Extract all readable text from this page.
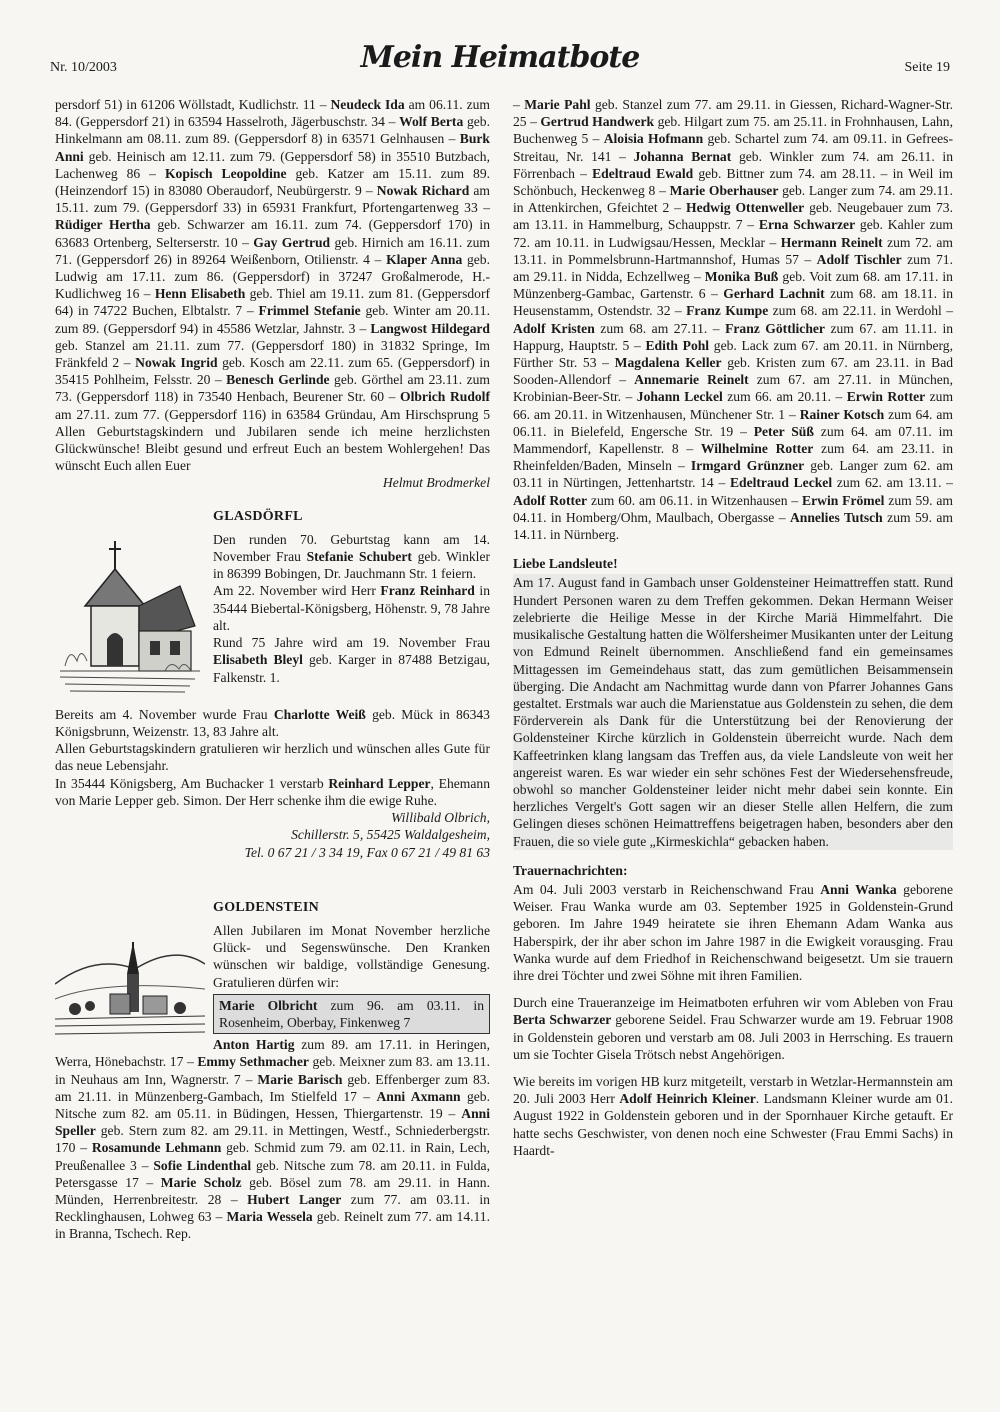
Nr. 10/2003	Mein Heimatbote	Seite 19

persdorf 51) in 61206 Wöllstadt, Kudlichstr. 11 – Neudeck Ida am 06.11. zum 84. (Geppersdorf 21) in 63594 Hasselroth, Jägerbuschstr. 34 – Wolf Berta geb. Hinkelmann am 08.11. zum 89. (Geppersdorf 8) in 63571 Gelnhausen – Burk Anni geb. Heinisch am 12.11. zum 79. (Geppersdorf 58) in 35510 Butzbach, Lachenweg 86 – Kopisch Leopoldine geb. Katzer am 15.11. zum 89. (Heinzendorf 15) in 83080 Oberaudorf, Neubürgerstr. 9 – Nowak Richard am 15.11. zum 79. (Geppersdorf 33) in 65931 Frankfurt, Pfortengartenweg 33 – Rüdiger Hertha geb. Schwarzer am 16.11. zum 74. (Geppersdorf 170) in 63683 Ortenberg, Selterserstr. 10 – Gay Gertrud geb. Hirnich am 16.11. zum 71. (Geppersdorf 26) in 89264 Weißenborn, Otilienstr. 4 – Klaper Anna geb. Ludwig am 17.11. zum 86. (Geppersdorf) in 37247 Großalmerode, H.-Kudlichweg 16 – Henn Elisabeth geb. Thiel am 19.11. zum 81. (Geppersdorf 64) in 74722 Buchen, Elbtalstr. 7 – Frimmel Stefanie geb. Winter am 20.11. zum 89. (Geppersdorf 94) in 45586 Wetzlar, Jahnstr. 3 – Langwost Hildegard geb. Stanzel am 21.11. zum 77. (Geppersdorf 180) in 31832 Springe, Im Fränkfeld 2 – Nowak Ingrid geb. Kosch am 22.11. zum 65. (Geppersdorf) in 35415 Pohlheim, Felsstr. 20 – Benesch Gerlinde geb. Görthel am 23.11. zum 73. (Geppersdorf 118) in 73540 Henbach, Beurener Str. 60 – Olbrich Rudolf am 27.11. zum 77. (Geppersdorf 116) in 63584 Gründau, Am Hirschsprung 5 Allen Geburtstagskindern und Jubilaren sende ich meine herzlichsten Glückwünsche! Bleibt gesund und erfreut Euch an bestem Wohlergehen! Das wünscht Euch allen Euer

Helmut Brodmerkel

GLASDÖRFL

Den runden 70. Geburtstag kann am 14. November Frau Stefanie Schubert geb. Winkler in 86399 Bobingen, Dr. Jauchmann Str. 1 feiern.

Am 22. November wird Herr Franz Reinhard in 35444 Biebertal-Königsberg, Höhenstr. 9, 78 Jahre alt.

Rund 75 Jahre wird am 19. November Frau Elisabeth Bleyl geb. Karger in 87488 Betzigau, Falkenstr. 1.

Bereits am 4. November wurde Frau Charlotte Weiß geb. Mück in 86343 Königsbrunn, Weizenstr. 13, 83 Jahre alt.

Allen Geburtstagskindern gratulieren wir herzlich und wünschen alles Gute für das neue Lebensjahr.

In 35444 Königsberg, Am Buchacker 1 verstarb Reinhard Lepper, Ehemann von Marie Lepper geb. Simon. Der Herr schenke ihm die ewige Ruhe.

Willibald Olbrich,

Schillerstr. 5, 55425 Waldalgesheim,

Tel. 0 67 21 / 3 34 19, Fax 0 67 21 / 49 81 63

GOLDENSTEIN

Allen Jubilaren im Monat November herzliche Glück- und Segenswünsche. Den Kranken wünschen wir baldige, vollständige Genesung. Gratulieren dürfen wir:

Marie Olbricht zum 96. am 03.11. in Rosenheim, Oberbay, Finkenweg 7

Anton Hartig zum 89. am 17.11. in Heringen, Werra, Hönebachstr. 17 – Emmy Sethmacher geb. Meixner zum 83. am 13.11. in Neuhaus am Inn, Wagnerstr. 7 – Marie Barisch geb. Effenberger zum 83. am 21.11. in Münzenberg-Gambach, Im Stielfeld 17 – Anni Axmann geb. Nitsche zum 82. am 05.11. in Büdingen, Hessen, Thiergartenstr. 19 – Anni Speller geb. Stern zum 82. am 29.11. in Mettingen, Westf., Schniederbergstr. 170 – Rosamunde Lehmann geb. Schmid zum 79. am 02.11. in Rain, Lech, Preußenallee 3 – Sofie Lindenthal geb. Nitsche zum 78. am 20.11. in Fulda, Petersgasse 17 – Marie Scholz geb. Bösel zum 78. am 29.11. in Hann. Münden, Herrenbreitestr. 28 – Hubert Langer zum 77. am 03.11. in Recklinghausen, Lohweg 63 – Maria Wessela geb. Reinelt zum 77. am 14.11. in Branna, Tschech. Rep.

– Marie Pahl geb. Stanzel zum 77. am 29.11. in Giessen, Richard-Wagner-Str. 25 – Gertrud Handwerk geb. Hilgart zum 75. am 25.11. in Frohnhausen, Lahn, Buchenweg 5 – Aloisia Hofmann geb. Schartel zum 74. am 09.11. in Gefrees-Streitau, Nr. 141 – Johanna Bernat geb. Winkler zum 74. am 26.11. in Förrenbach – Edeltraud Ewald geb. Bittner zum 74. am 28.11. – in Weil im Schönbuch, Heckenweg 8 – Marie Oberhauser geb. Langer zum 74. am 29.11. in Attenkirchen, Gfeichtet 2 – Hedwig Ottenweller geb. Neugebauer zum 73. am 13.11. in Hammelburg, Schauppstr. 7 – Erna Schwarzer geb. Kahler zum 72. am 10.11. in Ludwigsau/Hessen, Mecklar – Hermann Reinelt zum 72. am 13.11. in Pommelsbrunn-Hartmannshof, Humas 57 – Adolf Tischler zum 71. am 29.11. in Nidda, Echzellweg – Monika Buß geb. Voit zum 68. am 17.11. in Münzenberg-Gambac, Gartenstr. 6 – Gerhard Lachnit zum 68. am 18.11. in Heusenstamm, Ostendstr. 32 – Franz Kumpe zum 68. am 22.11. in Werdohl – Adolf Kristen zum 68. am 27.11. – Franz Göttlicher zum 67. am 11.11. in Happurg, Hauptstr. 5 – Edith Pohl geb. Lack zum 67. am 20.11. in Nürnberg, Fürther Str. 53 – Magdalena Keller geb. Kristen zum 67. am 23.11. in Bad Sooden-Allendorf – Annemarie Reinelt zum 67. am 27.11. in München, Krobinian-Beer-Str. – Johann Leckel zum 66. am 20.11. – Erwin Rotter zum 66. am 20.11. in Witzenhausen, Münchener Str. 1 – Rainer Kotsch zum 64. am 06.11. in Bielefeld, Engersche Str. 19 – Peter Süß zum 64. am 07.11. im Mammendorf, Kapellenstr. 8 – Wilhelmine Rotter zum 64. am 23.11. in Rheinfelden/Baden, Minseln – Irmgard Grünzner geb. Langer zum 62. am 03.11 in Nürtingen, Jettenhartstr. 14 – Edeltraud Leckel zum 62. am 13.11. – Adolf Rotter zum 60. am 06.11. in Witzenhausen – Erwin Frömel zum 59. am 04.11. in Homberg/Ohm, Maulbach, Obergasse – Annelies Tutsch zum 59. am 14.11. in Nürnberg.

Liebe Landsleute!

Am 17. August fand in Gambach unser Goldensteiner Heimattreffen statt. Rund Hundert Personen waren zu dem Treffen gekommen. Dekan Hermann Weiser zelebrierte die Heilige Messe in der Kirche Mariä Himmelfahrt. Die musikalische Gestaltung hatten die Wölfersheimer Musikanten unter der Leitung von Edmund Reinelt übernommen. Anschließend fand ein gemeinsames Mittagessen im Gemeindehaus statt, das zum gemütlichen Beisammensein überging. Die Andacht am Nachmittag wurde dann von Pfarrer Johannes Gans gestaltet. Erstmals war auch die Marienstatue aus Goldenstein zu sehen, die dem Förderverein als Dank für die Unterstützung bei der Renovierung der Goldensteiner Kirche kürzlich in Goldenstein überreicht wurde. Nach dem Kaffeetrinken klang langsam das Treffen aus, da viele Landsleute von weit her angereist waren. Es war wieder ein sehr schönes Fest der Wiedersehensfreude, obwohl so mancher Goldensteiner leider nicht mehr dabei sein konnte. Ein herzliches Vergelt's Gott sagen wir an dieser Stelle allen Helfern, die zum Gelingen dieses schönen Heimattreffens beigetragen haben, besonders aber den Frauen, die so viele gute „Kirmeskichla“ gebacken haben.

Trauernachrichten:

Am 04. Juli 2003 verstarb in Reichenschwand Frau Anni Wanka geborene Weiser. Frau Wanka wurde am 03. September 1925 in Goldenstein-Grund geboren. Im Jahre 1949 heiratete sie ihren Ehemann Adam Wanka aus Haberspirk, der ihr aber schon im Jahre 1987 in die Ewigkeit vorausging. Frau Wanka wurde auf dem Friedhof in Reichenschwand beigesetzt. Um sie trauern ihre drei Töchter und zwei Söhne mit ihren Familien.

Durch eine Traueranzeige im Heimatboten erfuhren wir vom Ableben von Frau Berta Schwarzer geborene Seidel. Frau Schwarzer wurde am 19. Februar 1908 in Goldenstein geboren und verstarb am 08. Juli 2003 in Herrsching. Es trauern um sie Tochter Gisela Trötsch nebst Angehörigen.

Wie bereits im vorigen HB kurz mitgeteilt, verstarb in Wetzlar-Hermannstein am 20. Juli 2003 Herr Adolf Heinrich Kleiner. Landsmann Kleiner wurde am 01. August 1922 in Goldenstein geboren und in der Spornhauer Kirche getauft. Er hatte sechs Geschwister, von denen noch eine Schwester (Frau Emmi Sachs) in Haardt-
